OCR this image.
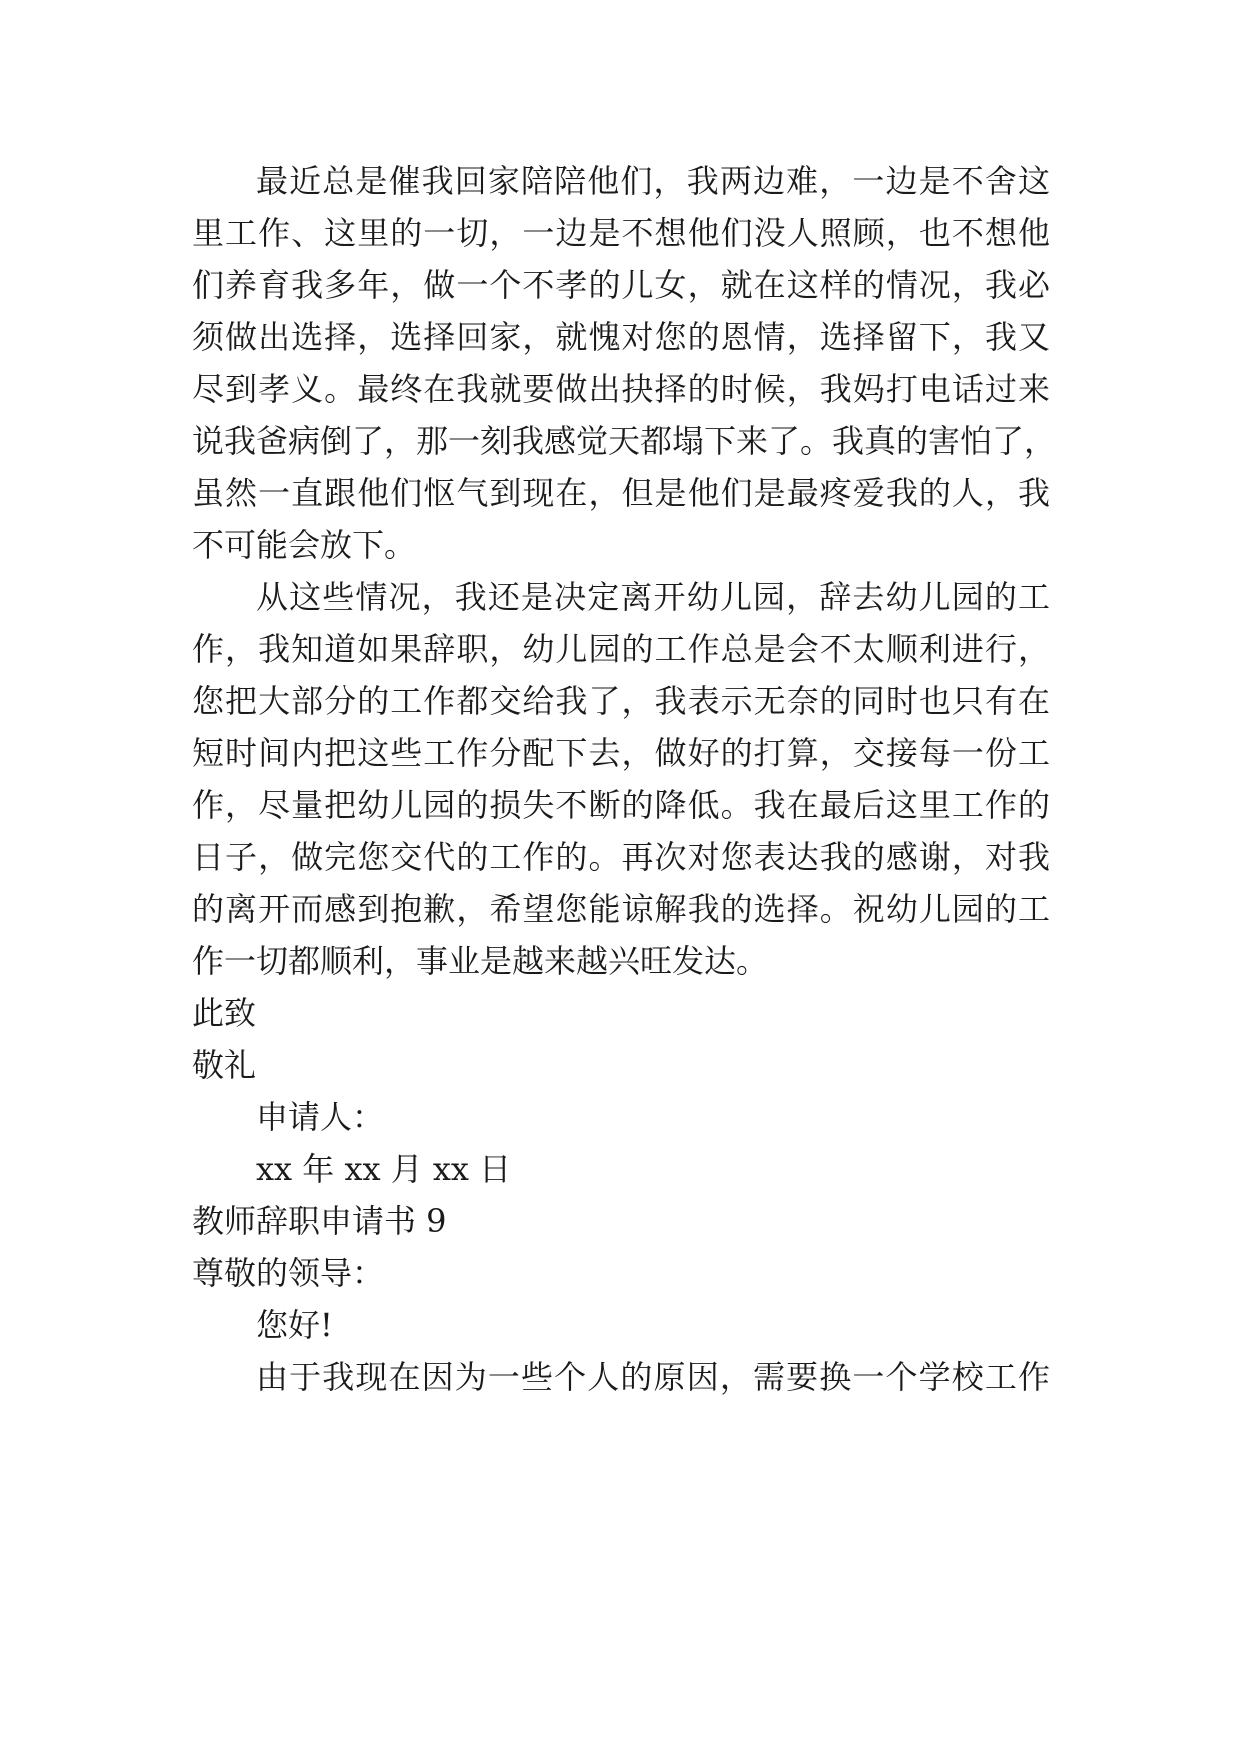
最近总是催我回家陪陪他们，我两边难，一边是不舍这
里工作、这里的一切，一边是不想他们没人照顾，也不想他
们养育我多年，做一个不孝的儿女，就在这样的情况，我必
须做出选择，选择回家，就愧对您的恩情，选择留下，我又
尽到孝义。最终在我就要做出抉择的时候，我妈打电话过来
说我爸病倒了，那一刻我感觉天都塌下来了。我真的害怕了，
虽然一直跟他们怄气到现在，但是他们是最疼爱我的人，我
不可能会放下。
从这些情况，我还是决定离开幼儿园，辞去幼儿园的工
作，我知道如果辞职，幼儿园的工作总是会不太顺利进行，
您把大部分的工作都交给我了，我表示无奈的同时也只有在
短时间内把这些工作分配下去，做好的打算，交接每一份工
作，尽量把幼儿园的损失不断的降低。我在最后这里工作的
日子，做完您交代的工作的。再次对您表达我的感谢，对我
的离开而感到抱歉，希望您能谅解我的选择。祝幼儿园的工
作一切都顺利，事业是越来越兴旺发达。
此致
敬礼
申请人：
xx 年 xx 月 xx 日
教师辞职申请书 9
尊敬的领导：
您好!
由于我现在因为一些个人的原因，需要换一个学校工作
